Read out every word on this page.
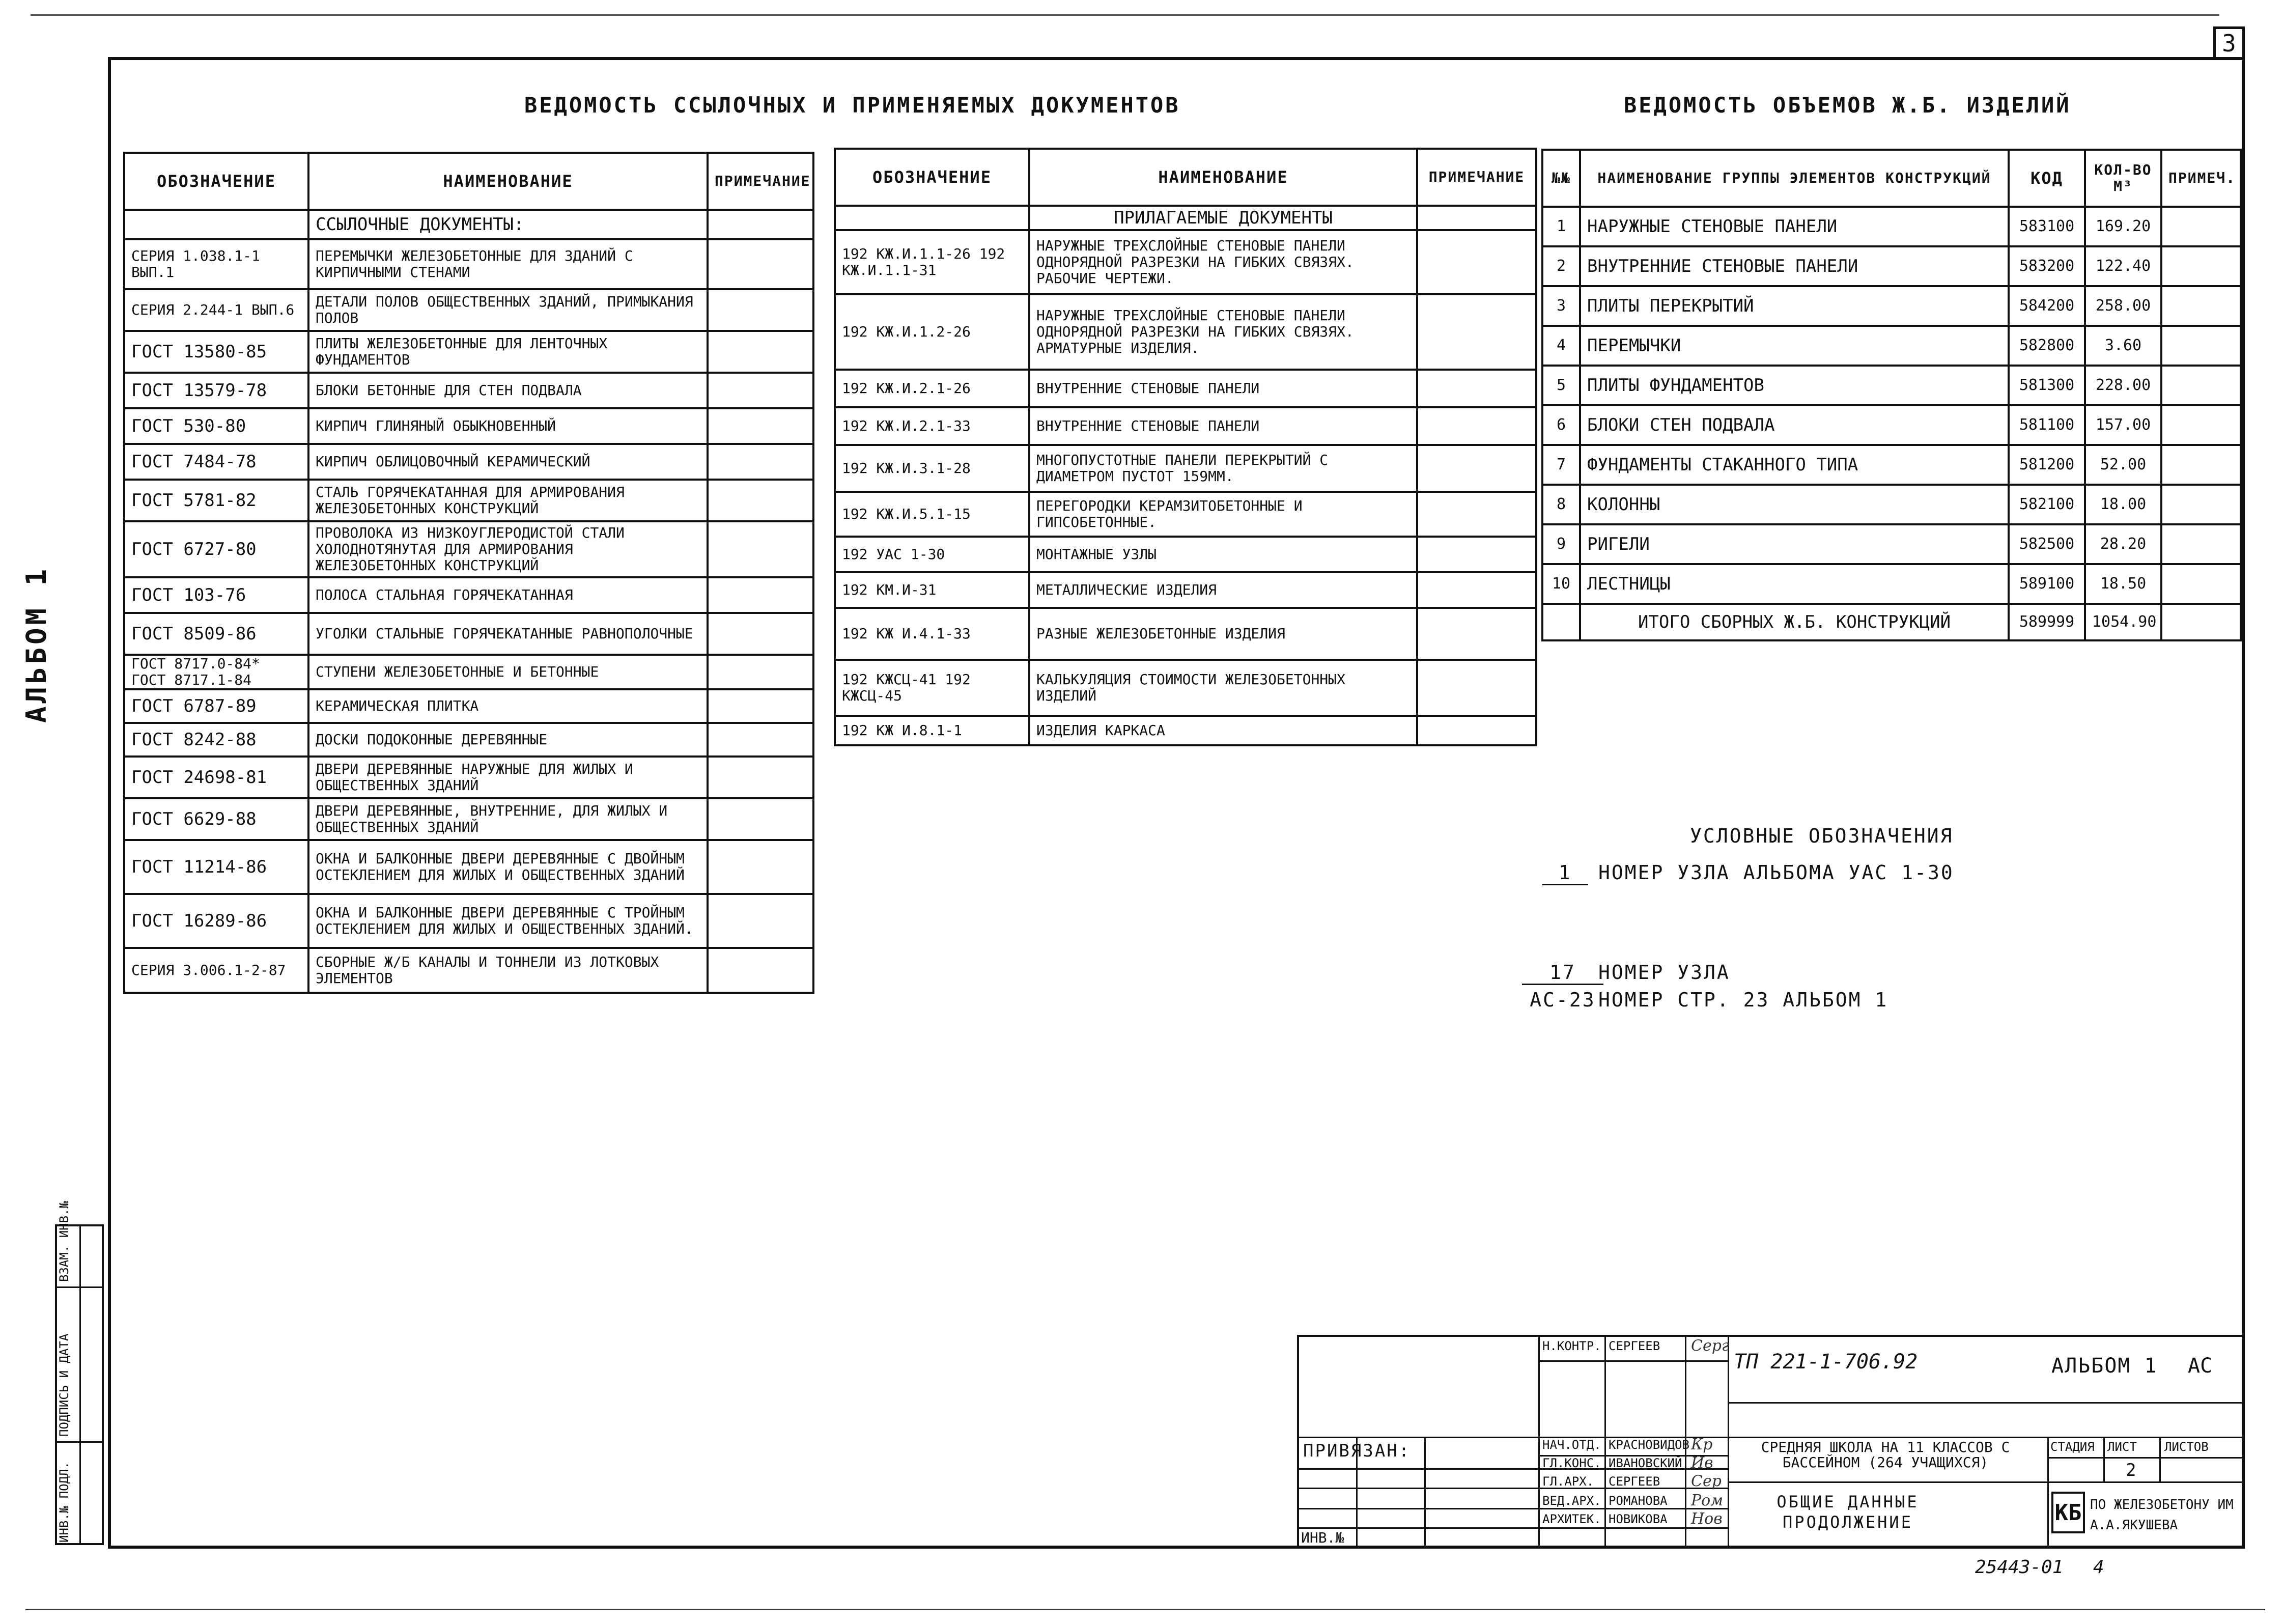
3
АЛЬБОМ 1
ВЕДОМОСТЬ ССЫЛОЧНЫХ И ПРИМЕНЯЕМЫХ ДОКУМЕНТОВ	ВЕДОМОСТЬ ОБЪЕМОВ Ж.Б. ИЗДЕЛИЙ
ОБОЗНАЧЕНИЕ	НАИМЕНОВАНИЕ	ПРИМЕЧАНИЕ
	ССЫЛОЧНЫЕ ДОКУМЕНТЫ:	
СЕРИЯ 1.038.1-1 ВЫП.1	ПЕРЕМЫЧКИ ЖЕЛЕЗОБЕТОННЫЕ ДЛЯ ЗДАНИЙ С КИРПИЧНЫМИ СТЕНАМИ	
СЕРИЯ 2.244-1 ВЫП.6	ДЕТАЛИ ПОЛОВ ОБЩЕСТВЕННЫХ ЗДАНИЙ, ПРИМЫКАНИЯ ПОЛОВ	
ГОСТ 13580-85	ПЛИТЫ ЖЕЛЕЗОБЕТОННЫЕ ДЛЯ ЛЕНТОЧНЫХ ФУНДАМЕНТОВ	
ГОСТ 13579-78	БЛОКИ БЕТОННЫЕ ДЛЯ СТЕН ПОДВАЛА	
ГОСТ 530-80	КИРПИЧ ГЛИНЯНЫЙ ОБЫКНОВЕННЫЙ	
ГОСТ 7484-78	КИРПИЧ ОБЛИЦОВОЧНЫЙ КЕРАМИЧЕСКИЙ	
ГОСТ 5781-82	СТАЛЬ ГОРЯЧЕКАТАННАЯ ДЛЯ АРМИРОВАНИЯ ЖЕЛЕЗОБЕТОННЫХ КОНСТРУКЦИЙ	
ГОСТ 6727-80	ПРОВОЛОКА ИЗ НИЗКОУГЛЕРОДИСТОЙ СТАЛИ ХОЛОДНОТЯНУТАЯ ДЛЯ АРМИРОВАНИЯ ЖЕЛЕЗОБЕТОННЫХ КОНСТРУКЦИЙ	
ГОСТ 103-76	ПОЛОСА СТАЛЬНАЯ ГОРЯЧЕКАТАННАЯ	
ГОСТ 8509-86	УГОЛКИ СТАЛЬНЫЕ ГОРЯЧЕКАТАННЫЕ РАВНОПОЛОЧНЫЕ	
ГОСТ 8717.0-84* ГОСТ 8717.1-84	СТУПЕНИ ЖЕЛЕЗОБЕТОННЫЕ И БЕТОННЫЕ	
ГОСТ 6787-89	КЕРАМИЧЕСКАЯ ПЛИТКА	
ГОСТ 8242-88	ДОСКИ ПОДОКОННЫЕ ДЕРЕВЯННЫЕ	
ГОСТ 24698-81	ДВЕРИ ДЕРЕВЯННЫЕ НАРУЖНЫЕ ДЛЯ ЖИЛЫХ И ОБЩЕСТВЕННЫХ ЗДАНИЙ	
ГОСТ 6629-88	ДВЕРИ ДЕРЕВЯННЫЕ, ВНУТРЕННИЕ, ДЛЯ ЖИЛЫХ И ОБЩЕСТВЕННЫХ ЗДАНИЙ	
ГОСТ 11214-86	ОКНА И БАЛКОННЫЕ ДВЕРИ ДЕРЕВЯННЫЕ С ДВОЙНЫМ ОСТЕКЛЕНИЕМ ДЛЯ ЖИЛЫХ И ОБЩЕСТВЕННЫХ ЗДАНИЙ	
ГОСТ 16289-86	ОКНА И БАЛКОННЫЕ ДВЕРИ ДЕРЕВЯННЫЕ С ТРОЙНЫМ ОСТЕКЛЕНИЕМ ДЛЯ ЖИЛЫХ И ОБЩЕСТВЕННЫХ ЗДАНИЙ.	
СЕРИЯ 3.006.1-2-87	СБОРНЫЕ Ж/Б КАНАЛЫ И ТОННЕЛИ ИЗ ЛОТКОВЫХ ЭЛЕМЕНТОВ	
ОБОЗНАЧЕНИЕ	НАИМЕНОВАНИЕ	ПРИМЕЧАНИЕ
	ПРИЛАГАЕМЫЕ ДОКУМЕНТЫ	
192 КЖ.И.1.1-26 192 КЖ.И.1.1-31	НАРУЖНЫЕ ТРЕХСЛОЙНЫЕ СТЕНОВЫЕ ПАНЕЛИ ОДНОРЯДНОЙ РАЗРЕЗКИ НА ГИБКИХ СВЯЗЯХ. РАБОЧИЕ ЧЕРТЕЖИ.	
192 КЖ.И.1.2-26	НАРУЖНЫЕ ТРЕХСЛОЙНЫЕ СТЕНОВЫЕ ПАНЕЛИ ОДНОРЯДНОЙ РАЗРЕЗКИ НА ГИБКИХ СВЯЗЯХ. АРМАТУРНЫЕ ИЗДЕЛИЯ.	
192 КЖ.И.2.1-26	ВНУТРЕННИЕ СТЕНОВЫЕ ПАНЕЛИ	
192 КЖ.И.2.1-33	ВНУТРЕННИЕ СТЕНОВЫЕ ПАНЕЛИ	
192 КЖ.И.3.1-28	МНОГОПУСТОТНЫЕ ПАНЕЛИ ПЕРЕКРЫТИЙ С ДИАМЕТРОМ ПУСТОТ 159ММ.	
192 КЖ.И.5.1-15	ПЕРЕГОРОДКИ КЕРАМЗИТОБЕТОННЫЕ И ГИПСОБЕТОННЫЕ.	
192 УАС 1-30	МОНТАЖНЫЕ УЗЛЫ	
192 КМ.И-31	МЕТАЛЛИЧЕСКИЕ ИЗДЕЛИЯ	
192 КЖ И.4.1-33	РАЗНЫЕ ЖЕЛЕЗОБЕТОННЫЕ ИЗДЕЛИЯ	
192 КЖСЦ-41 192 КЖСЦ-45	КАЛЬКУЛЯЦИЯ СТОИМОСТИ ЖЕЛЕЗОБЕТОННЫХ ИЗДЕЛИЙ	
192 КЖ И.8.1-1	ИЗДЕЛИЯ КАРКАСА	
№№	НАИМЕНОВАНИЕ ГРУППЫ ЭЛЕМЕНТОВ КОНСТРУКЦИЙ	КОД	КОЛ-ВО М³	ПРИМЕЧ.
1	НАРУЖНЫЕ СТЕНОВЫЕ ПАНЕЛИ	583100	169.20	
2	ВНУТРЕННИЕ СТЕНОВЫЕ ПАНЕЛИ	583200	122.40	
3	ПЛИТЫ ПЕРЕКРЫТИЙ	584200	258.00	
4	ПЕРЕМЫЧКИ	582800	3.60	
5	ПЛИТЫ ФУНДАМЕНТОВ	581300	228.00	
6	БЛОКИ СТЕН ПОДВАЛА	581100	157.00	
7	ФУНДАМЕНТЫ СТАКАННОГО ТИПА	581200	52.00	
8	КОЛОННЫ	582100	18.00	
9	РИГЕЛИ	582500	28.20	
10	ЛЕСТНИЦЫ	589100	18.50	
	ИТОГО СБОРНЫХ Ж.Б. КОНСТРУКЦИЙ	589999	1054.90	
УСЛОВНЫЕ ОБОЗНАЧЕНИЯ
1	НОМЕР УЗЛА АЛЬБОМА УАС 1-30
17
АС-23
НОМЕР УЗЛА
НОМЕР СТР. 23 АЛЬБОМ 1
ИНВ.№ ПОДЛ.
ПОДПИСЬ И ДАТА
ВЗАМ. ИНВ.№
ПРИВЯЗАН:
ИНВ.№
Н.КОНТР. СЕРГЕЕВ Серг
НАЧ.ОТД. КРАСНОВИДОВ Кр
ГЛ.КОНС. ИВАНОВСКИЙ Ив
ГЛ.АРХ. СЕРГЕЕВ Сер
ВЕД.АРХ. РОМАНОВА Ром
АРХИТЕК. НОВИКОВА Нов
ТП 221-1-706.92	АЛЬБОМ 1 АС
СРЕДНЯЯ ШКОЛА НА 11 КЛАССОВ С БАССЕЙНОМ (264 УЧАЩИХСЯ)
СТАДИЯ ЛИСТ ЛИСТОВ
2
ОБЩИЕ ДАННЫЕ ПРОДОЛЖЕНИЕ	КБ ПО ЖЕЛЕЗОБЕТОНУ ИМ А.А.ЯКУШЕВА
25443-01 4
